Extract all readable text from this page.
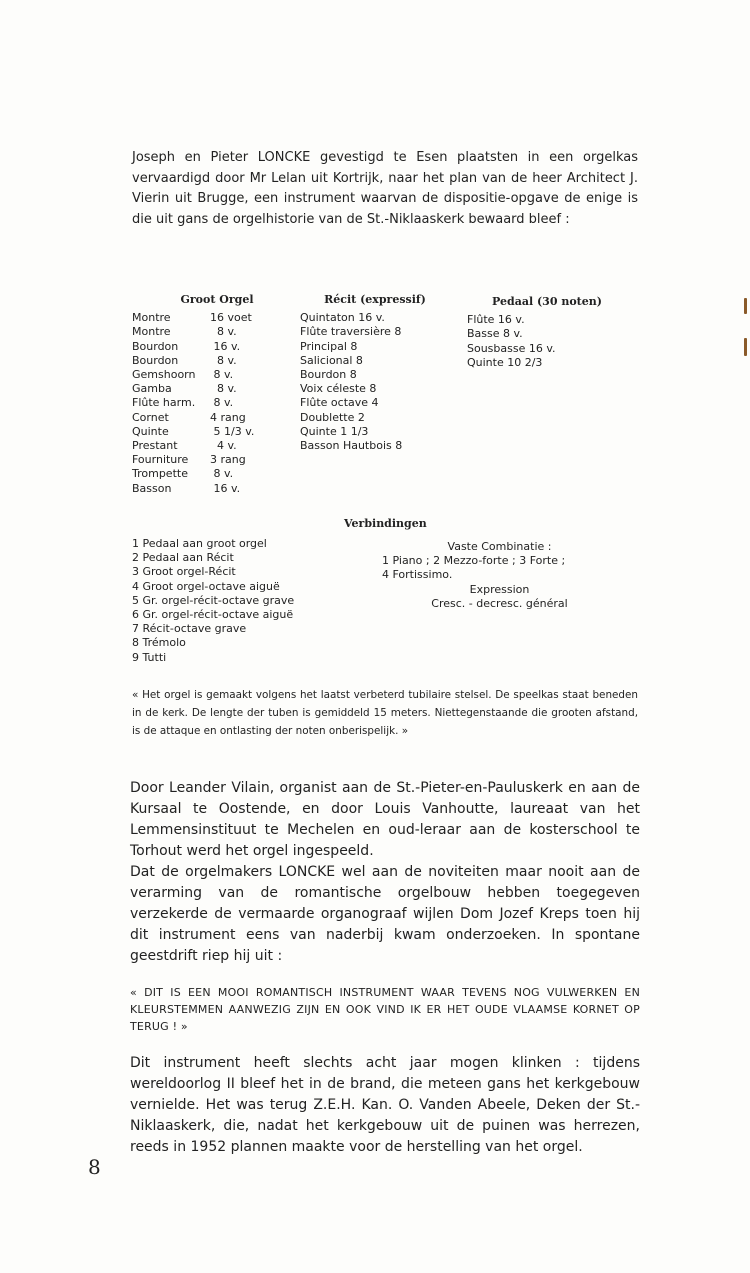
Joseph en Pieter LONCKE gevestigd te Esen plaatsten in een orgelkas vervaardigd door Mr Lelan uit Kortrijk, naar het plan van de heer Architect J. Vierin uit Brugge, een instrument waarvan de dispositie-opgave de enige is die uit gans de orgelhistorie van de St.-Niklaaskerk bewaard bleef :
Groot Orgel
Montre	16 voet
Montre	8 v.
Bourdon	16 v.
Bourdon	8 v.
Gemshoorn	8 v.
Gamba	8 v.
Flûte harm.	8 v.
Cornet	4 rang
Quinte	5 1/3 v.
Prestant	4 v.
Fourniture	3 rang
Trompette	8 v.
Basson	16 v.
Récit (expressif)
Quintaton 16 v.
Flûte traversière 8
Principal 8
Salicional 8
Bourdon 8
Voix céleste 8
Flûte octave 4
Doublette 2
Quinte 1 1/3
Basson Hautbois 8
Pedaal (30 noten)
Flûte 16 v.
Basse 8 v.
Sousbasse 16 v.
Quinte 10 2/3
Verbindingen
1 Pedaal aan groot orgel
2 Pedaal aan Récit
3 Groot orgel-Récit
4 Groot orgel-octave aiguë
5 Gr. orgel-récit-octave grave
6 Gr. orgel-récit-octave aiguë
7 Récit-octave grave
8 Trémolo
9 Tutti
Vaste Combinatie :
1 Piano ; 2 Mezzo-forte ; 3 Forte ;
4 Fortissimo.
Expression
Cresc. - decresc. général
« Het orgel is gemaakt volgens het laatst verbeterd tubilaire stelsel. De speelkas staat beneden in de kerk. De lengte der tuben is gemiddeld 15 meters. Niettegenstaande die grooten afstand, is de attaque en ontlasting der noten onberispelijk. »

Door Leander Vilain, organist aan de St.-Pieter-en-Pauluskerk en aan de Kursaal te Oostende, en door Louis Vanhoutte, laureaat van het Lemmensinstituut te Mechelen en oud-leraar aan de kosterschool te Torhout werd het orgel ingespeeld.

Dat de orgelmakers LONCKE wel aan de noviteiten maar nooit aan de verarming van de romantische orgelbouw hebben toegegeven verzekerde de vermaarde organograaf wijlen Dom Jozef Kreps toen hij dit instrument eens van naderbij kwam onderzoeken. In spontane geestdrift riep hij uit :

« DIT IS EEN MOOI ROMANTISCH INSTRUMENT WAAR TEVENS NOG VULWERKEN EN KLEURSTEMMEN AANWEZIG ZIJN EN OOK VIND IK ER HET OUDE VLAAMSE KORNET OP TERUG ! »
Dit instrument heeft slechts acht jaar mogen klinken : tijdens wereldoorlog II bleef het in de brand, die meteen gans het kerkgebouw vernielde. Het was terug Z.E.H. Kan. O. Vanden Abeele, Deken der St.-Niklaaskerk, die, nadat het kerkgebouw uit de puinen was herrezen, reeds in 1952 plannen maakte voor de herstelling van het orgel.
8
